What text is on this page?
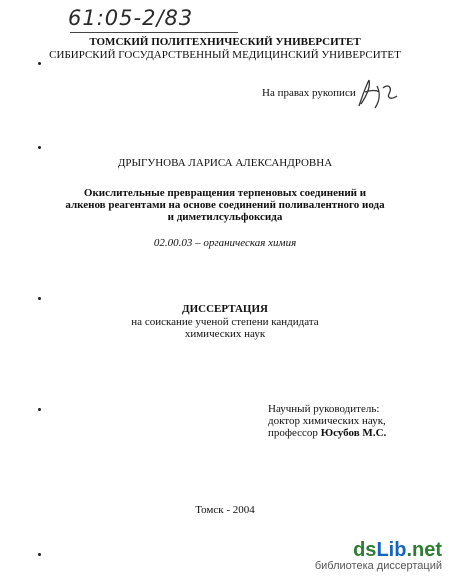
61:05-2/83
ТОМСКИЙ ПОЛИТЕХНИЧЕСКИЙ УНИВЕРСИТЕТ
СИБИРСКИЙ ГОСУДАРСТВЕННЫЙ МЕДИЦИНСКИЙ УНИВЕРСИТЕТ
На правах рукописи
ДРЫГУНОВА ЛАРИСА АЛЕКСАНДРОВНА
Окислительные превращения терпеновых соединений и
алкенов реагентами на основе соединений поливалентного иода
и диметилсульфоксида
02.00.03 – органическая химия
ДИССЕРТАЦИЯ
на соискание ученой степени кандидата
химических наук
Научный руководитель:
доктор химических наук,
профессор Юсубов М.С.
Томск - 2004
dsLib.net
библиотека диссертаций
